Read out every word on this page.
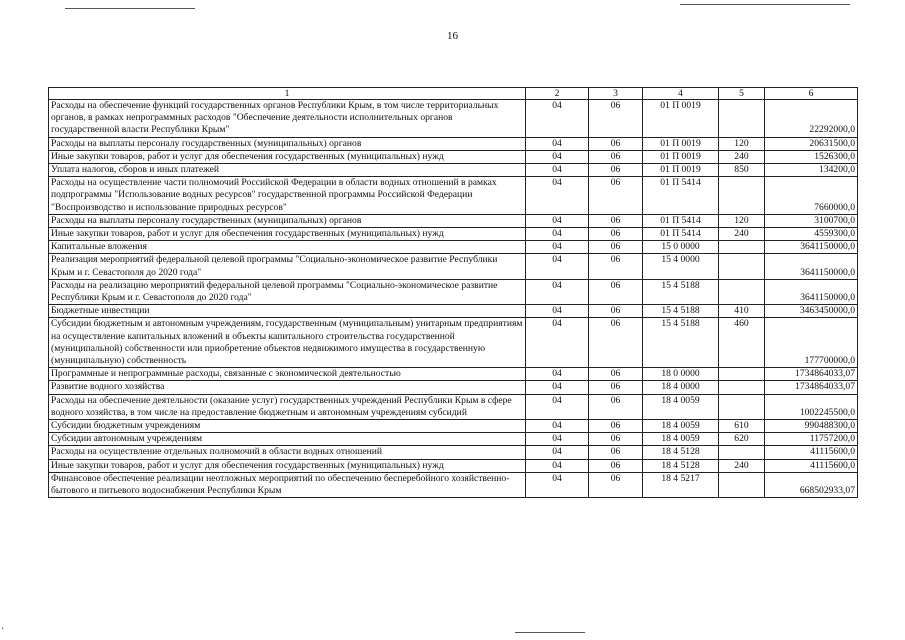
16
1	2	3	4	5	6
Расходы на обеспечение функций государственных органов Республики Крым, в том числе территориальных органов, в рамках непрограммных расходов "Обеспечение деятельности исполнительных органов государственной власти Республики Крым"	04	06	01 П 0019		22292000,0
Расходы на выплаты персоналу государственных (муниципальных) органов	04	06	01 П 0019	120	20631500,0
Иные закупки товаров, работ и услуг для обеспечения государственных (муниципальных) нужд	04	06	01 П 0019	240	1526300,0
Уплата налогов, сборов и иных платежей	04	06	01 П 0019	850	134200,0
Расходы на осуществление части полномочий Российской Федерации в области водных отношений в рамках подпрограммы "Использование водных ресурсов" государственной программы Российской Федерации "Воспроизводство и использование природных ресурсов"	04	06	01 П 5414		7660000,0
Расходы на выплаты персоналу государственных (муниципальных) органов	04	06	01 П 5414	120	3100700,0
Иные закупки товаров, работ и услуг для обеспечения государственных (муниципальных) нужд	04	06	01 П 5414	240	4559300,0
Капитальные вложения	04	06	15 0 0000		3641150000,0
Реализация мероприятий федеральной целевой программы "Социально-экономическое развитие Республики Крым и г. Севастополя до 2020 года"	04	06	15 4 0000		3641150000,0
Расходы на реализацию мероприятий федеральной целевой программы "Социально-экономическое развитие Республики Крым и г. Севастополя до 2020 года"	04	06	15 4 5188		3641150000,0
Бюджетные инвестиции	04	06	15 4 5188	410	3463450000,0
Субсидии бюджетным и автономным учреждениям, государственным (муниципальным) унитарным предприятиям на осуществление капитальных вложений в объекты капитального строительства государственной (муниципальной) собственности или приобретение объектов недвижимого имущества в государственную (муниципальную) собственность	04	06	15 4 5188	460	177700000,0
Программные и непрограммные расходы, связанные с экономической деятельностью	04	06	18 0 0000		1734864033,07
Развитие водного хозяйства	04	06	18 4 0000		1734864033,07
Расходы на обеспечение деятельности (оказание услуг) государственных учреждений Республики Крым в сфере водного хозяйства, в том числе на предоставление бюджетным и автономным учреждениям субсидий	04	06	18 4 0059		1002245500,0
Субсидии бюджетным учреждениям	04	06	18 4 0059	610	990488300,0
Субсидии автономным учреждениям	04	06	18 4 0059	620	11757200,0
Расходы на осуществление отдельных полномочий в области водных отношений	04	06	18 4 5128		41115600,0
Иные закупки товаров, работ и услуг для обеспечения государственных (муниципальных) нужд	04	06	18 4 5128	240	41115600,0
Финансовое обеспечение реализации неотложных мероприятий по обеспечению бесперебойного хозяйственно-бытового и питьевого водоснабжения Республики Крым	04	06	18 4 5217		668502933,07
'
